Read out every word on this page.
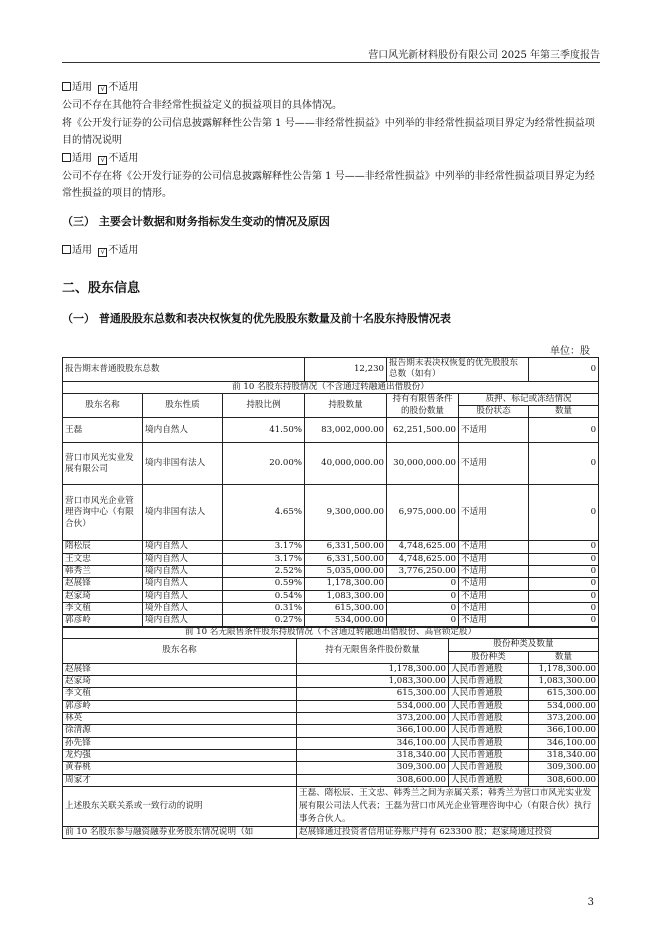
营口风光新材料股份有限公司 2025 年第三季度报告
适用 √ 不适用
公司不存在其他符合非经常性损益定义的损益项目的具体情况。
将《公开发行证券的公司信息披露解释性公告第 1 号——非经常性损益》中列举的非经常性损益项目界定为经常性损益项目的情况说明
适用 √ 不适用
公司不存在将《公开发行证券的公司信息披露解释性公告第 1 号——非经常性损益》中列举的非经常性损益项目界定为经常性损益的项目的情形。
（三） 主要会计数据和财务指标发生变动的情况及原因
适用 √ 不适用
二、股东信息
（一） 普通股股东总数和表决权恢复的优先股股东数量及前十名股东持股情况表
单位：股
报告期末普通股股东总数			12,230	报告期末表决权恢复的优先股股东总数（如有）		0
前 10 名股东持股情况（不含通过转融通出借股份）						
股东名称	股东性质	持股比例	持股数量	持有有限售条件的股份数量	质押、标记或冻结情况	
					股份状态	数量
王磊	境内自然人	41.50%	83,002,000.00	62,251,500.00	不适用	0
营口市风光实业发展有限公司	境内非国有法人	20.00%	40,000,000.00	30,000,000.00	不适用	0
营口市风光企业管理咨询中心（有限合伙）	境内非国有法人	4.65%	9,300,000.00	6,975,000.00	不适用	0
隋松辰	境内自然人	3.17%	6,331,500.00	4,748,625.00	不适用	0
王文忠	境内自然人	3.17%	6,331,500.00	4,748,625.00	不适用	0
韩秀兰	境内自然人	2.52%	5,035,000.00	3,776,250.00	不适用	0
赵展锋	境内自然人	0.59%	1,178,300.00	0	不适用	0
赵家琦	境内自然人	0.54%	1,083,300.00	0	不适用	0
李文植	境外自然人	0.31%	615,300.00	0	不适用	0
郭彦岭	境内自然人	0.27%	534,000.00	0	不适用	0
前 10 名无限售条件股东持股情况（不含通过转融通出借股份、高管锁定股）			
股东名称	持有无限售条件股份数量	股份种类及数量	
		股份种类	数量
赵展锋	1,178,300.00	人民币普通股	1,178,300.00
赵家琦	1,083,300.00	人民币普通股	1,083,300.00
李文植	615,300.00	人民币普通股	615,300.00
郭彦岭	534,000.00	人民币普通股	534,000.00
林英	373,200.00	人民币普通股	373,200.00
徐清源	366,100.00	人民币普通股	366,100.00
孙先锋	346,100.00	人民币普通股	346,100.00
龙灼强	318,340.00	人民币普通股	318,340.00
黄春桃	309,300.00	人民币普通股	309,300.00
周家才	308,600.00	人民币普通股	308,600.00
上述股东关联关系或一致行动的说明	王磊、隋松辰、王文忠、韩秀兰之间为亲属关系；韩秀兰为营口市风光实业发展有限公司法人代表；王磊为营口市风光企业管理咨询中心（有限合伙）执行事务合伙人。		
前 10 名股东参与融资融券业务股东情况说明（如	赵展锋通过投资者信用证券账户持有 623300 股；赵家琦通过投资		
3
